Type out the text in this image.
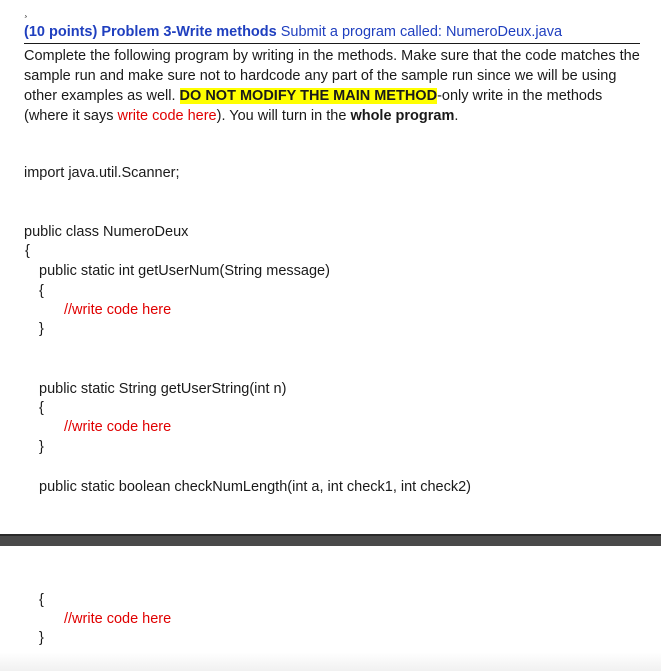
¸
(10 points) Problem 3-Write methods Submit a program called: NumeroDeux.java
Complete the following program by writing in the methods. Make sure that the code matches the sample run and make sure not to hardcode any part of the sample run since we will be using other examples as well. DO NOT MODIFY THE MAIN METHOD-only write in the methods (where it says write code here). You will turn in the whole program.
import java.util.Scanner;
public class NumeroDeux
{
public static int getUserNum(String message)
{
//write code here
}
public static String getUserString(int n)
{
//write code here
}
public static boolean checkNumLength(int a, int check1, int check2)
{
//write code here
}
